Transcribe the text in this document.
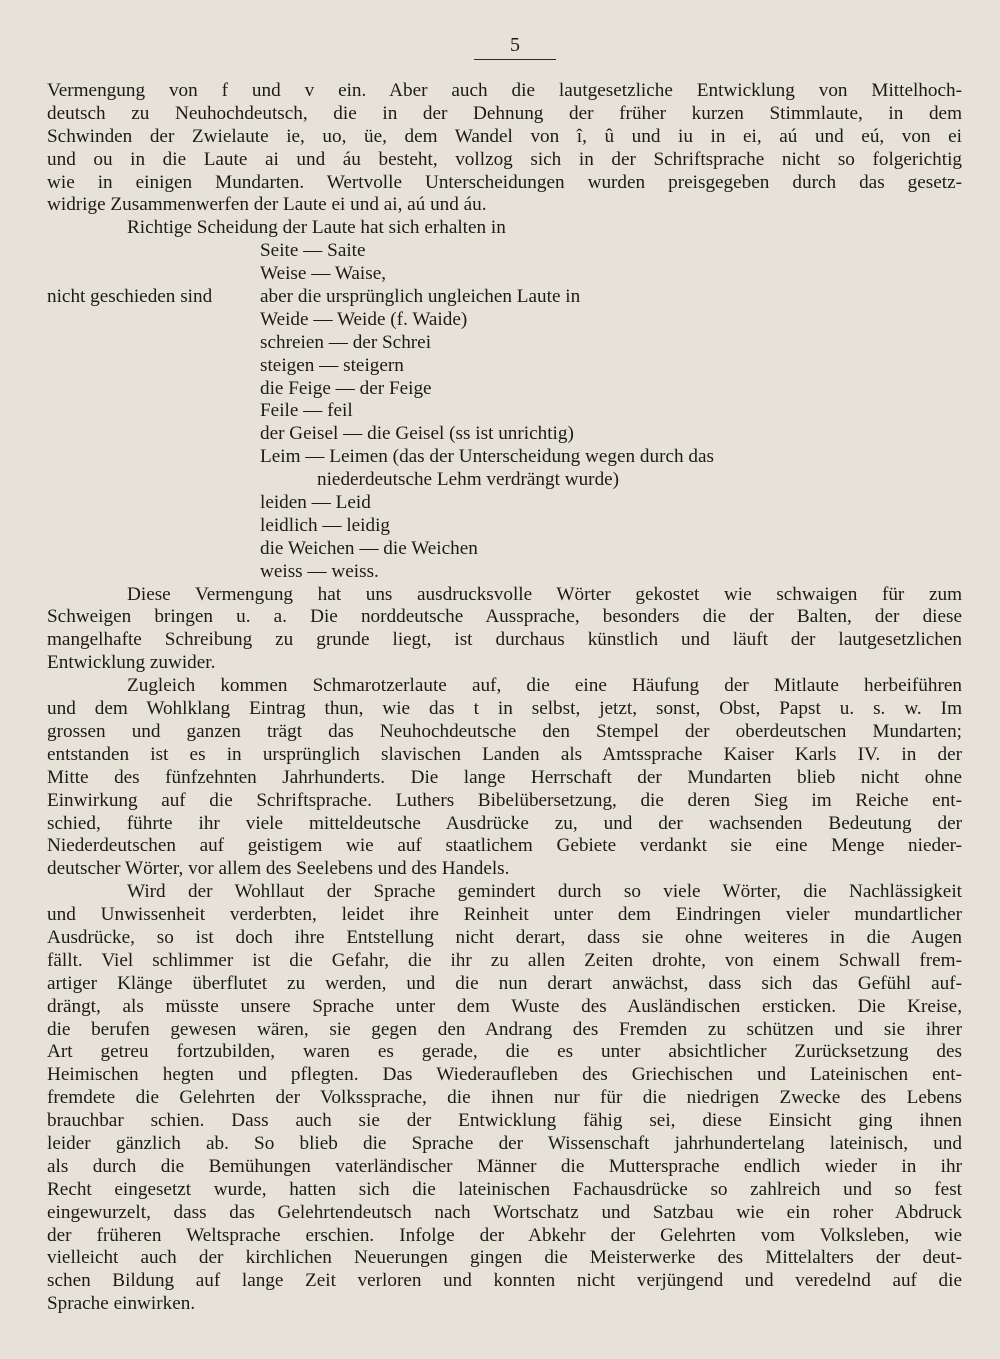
5
Vermengung von f und v ein. Aber auch die lautgesetzliche Entwicklung von Mittelhoch-
deutsch zu Neuhochdeutsch, die in der Dehnung der früher kurzen Stimmlaute, in dem
Schwinden der Zwielaute ie, uo, üe, dem Wandel von î, û und iu in ei, aú und eú, von ei
und ou in die Laute ai und áu besteht, vollzog sich in der Schriftsprache nicht so folgerichtig
wie in einigen Mundarten. Wertvolle Unterscheidungen wurden preisgegeben durch das gesetz-
widrige Zusammenwerfen der Laute ei und ai, aú und áu.
Richtige Scheidung der Laute hat sich erhalten in
Seite — Saite
Weise — Waise,
nicht geschieden sind aber die ursprünglich ungleichen Laute in
Weide — Weide (f. Waide)
schreien — der Schrei
steigen — steigern
die Feige — der Feige
Feile — feil
der Geisel — die Geisel (ss ist unrichtig)
Leim — Leimen (das der Unterscheidung wegen durch das
niederdeutsche Lehm verdrängt wurde)
leiden — Leid
leidlich — leidig
die Weichen — die Weichen
weiss — weiss.
Diese Vermengung hat uns ausdrucksvolle Wörter gekostet wie schwaigen für zum
Schweigen bringen u. a. Die norddeutsche Aussprache, besonders die der Balten, der diese
mangelhafte Schreibung zu grunde liegt, ist durchaus künstlich und läuft der lautgesetzlichen
Entwicklung zuwider.
Zugleich kommen Schmarotzerlaute auf, die eine Häufung der Mitlaute herbeiführen
und dem Wohlklang Eintrag thun, wie das t in selbst, jetzt, sonst, Obst, Papst u. s. w. Im
grossen und ganzen trägt das Neuhochdeutsche den Stempel der oberdeutschen Mundarten;
entstanden ist es in ursprünglich slavischen Landen als Amtssprache Kaiser Karls IV. in der
Mitte des fünfzehnten Jahrhunderts. Die lange Herrschaft der Mundarten blieb nicht ohne
Einwirkung auf die Schriftsprache. Luthers Bibelübersetzung, die deren Sieg im Reiche ent-
schied, führte ihr viele mitteldeutsche Ausdrücke zu, und der wachsenden Bedeutung der
Niederdeutschen auf geistigem wie auf staatlichem Gebiete verdankt sie eine Menge nieder-
deutscher Wörter, vor allem des Seelebens und des Handels.
Wird der Wohllaut der Sprache gemindert durch so viele Wörter, die Nachlässigkeit
und Unwissenheit verderbten, leidet ihre Reinheit unter dem Eindringen vieler mundartlicher
Ausdrücke, so ist doch ihre Entstellung nicht derart, dass sie ohne weiteres in die Augen
fällt. Viel schlimmer ist die Gefahr, die ihr zu allen Zeiten drohte, von einem Schwall frem-
artiger Klänge überflutet zu werden, und die nun derart anwächst, dass sich das Gefühl auf-
drängt, als müsste unsere Sprache unter dem Wuste des Ausländischen ersticken. Die Kreise,
die berufen gewesen wären, sie gegen den Andrang des Fremden zu schützen und sie ihrer
Art getreu fortzubilden, waren es gerade, die es unter absichtlicher Zurücksetzung des
Heimischen hegten und pflegten. Das Wiederaufleben des Griechischen und Lateinischen ent-
fremdete die Gelehrten der Volkssprache, die ihnen nur für die niedrigen Zwecke des Lebens
brauchbar schien. Dass auch sie der Entwicklung fähig sei, diese Einsicht ging ihnen
leider gänzlich ab. So blieb die Sprache der Wissenschaft jahrhundertelang lateinisch, und
als durch die Bemühungen vaterländischer Männer die Muttersprache endlich wieder in ihr
Recht eingesetzt wurde, hatten sich die lateinischen Fachausdrücke so zahlreich und so fest
eingewurzelt, dass das Gelehrtendeutsch nach Wortschatz und Satzbau wie ein roher Abdruck
der früheren Weltsprache erschien. Infolge der Abkehr der Gelehrten vom Volksleben, wie
vielleicht auch der kirchlichen Neuerungen gingen die Meisterwerke des Mittelalters der deut-
schen Bildung auf lange Zeit verloren und konnten nicht verjüngend und veredelnd auf die
Sprache einwirken.
